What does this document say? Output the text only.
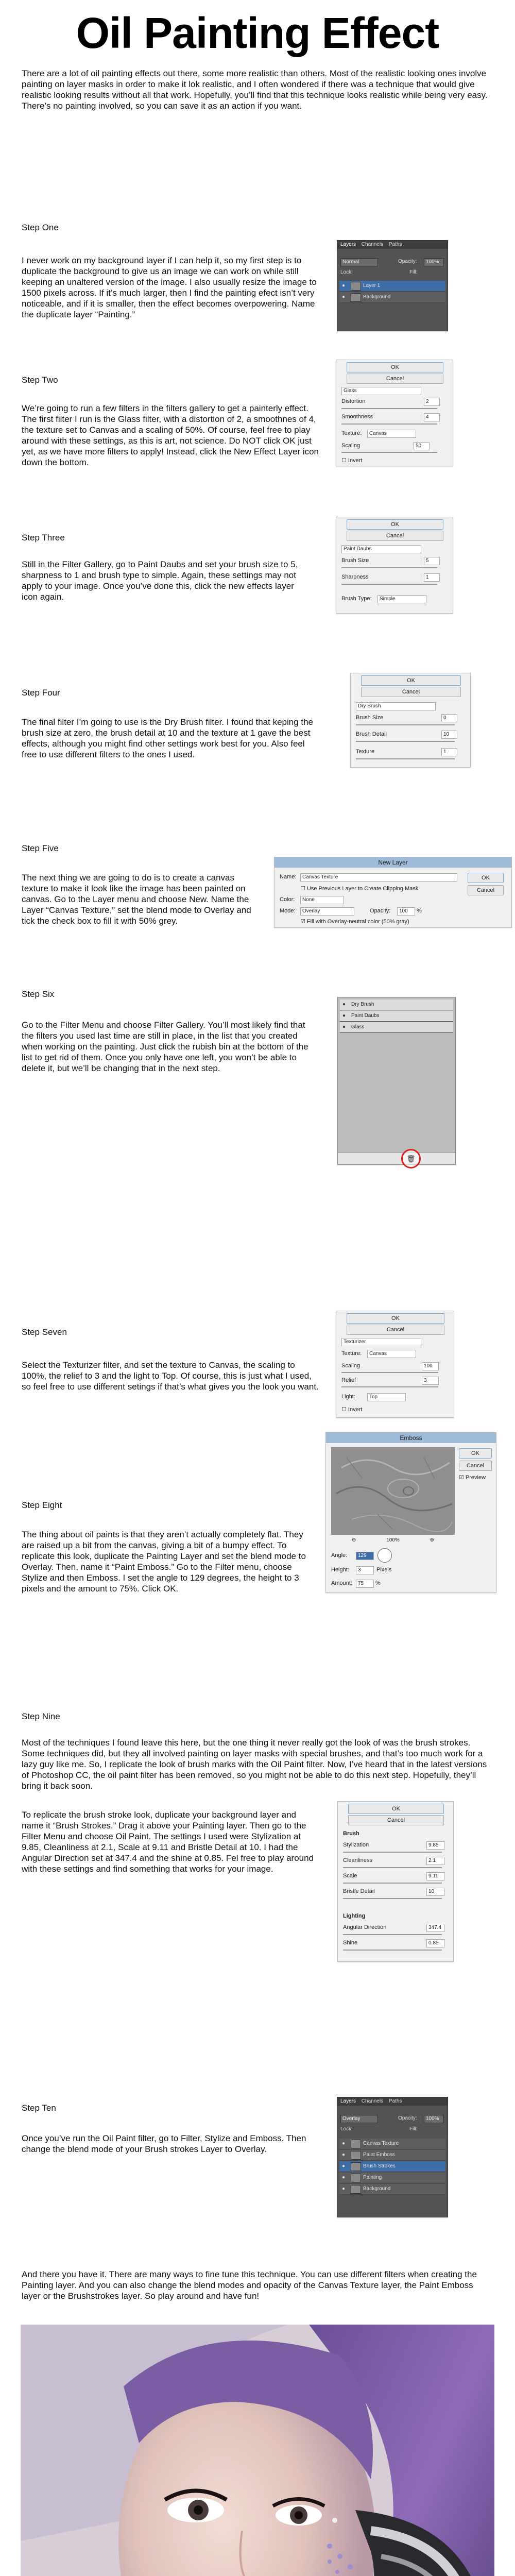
Oil Painting Effect

There are a lot of oil painting effects out there, some more realistic than others. Most of the realistic looking ones involve painting on layer masks in order to make it lok realistic, and I often wondered if there was a technique that would give realistic looking results without all that work. Hopefully, you’ll find that this technique looks realistic while being very easy. There’s no painting involved, so you can save it as an action if you want.

Step One

I never work on my background layer if I can help it, so my first step is to duplicate the background to give us an image we can work on while still keeping an unaltered version of the image. I also usually resize the image to 1500 pixels across. If it’s much larger, then I find the painting efect isn’t very noticeable, and if it is smaller, then the effect becomes overpowering. Name the duplicate layer “Painting.”

Layers Channels Paths
Normal	Opacity:	100%
Lock:	Fill:
●	Layer 1
●	Background
Step Two

We’re going to run a few filters in the filters gallery to get a painterly effect. The first filter I run is the Glass filter, with a distortion of 2, a smoothnes of 4, the texture set to Canvas and a scaling of 50%. Of course, feel free to play around with these settings, as this is art, not science. Do NOT click OK just yet, as we have more filters to apply! Instead, click the New Effect Layer icon down the bottom.

OK
Cancel
Glass
Distortion	2
Smoothness	4
Texture:	Canvas
Scaling	50
☐ Invert
Step Three

Still in the Filter Gallery, go to Paint Daubs and set your brush size to 5, sharpness to 1 and brush type to simple. Again, these settings may not apply to your image. Once you’ve done this, click the new effects layer icon again.

OK
Cancel
Paint Daubs
Brush Size	5
Sharpness	1
Brush Type:	Simple
Step Four

The final filter I’m going to use is the Dry Brush filter. I found that keping the brush size at zero, the brush detail at 10 and the texture at 1 gave the best effects, although you might find other settings work best for you. Also feel free to use different filters to the ones I used.

OK
Cancel
Dry Brush
Brush Size	0
Brush Detail	10
Texture	1
Step Five

The next thing we are going to do is to create a canvas texture to make it look like the image has been painted on canvas. Go to the Layer menu and choose New. Name the Layer “Canvas Texture,” set the blend mode to Overlay and tick the check box to fill it with 50% grey.

New Layer
Name:	Canvas Texture	OK
Cancel
☐ Use Previous Layer to Create Clipping Mask
Color:	None
Mode:	Overlay	Opacity:	100	%
☑ Fill with Overlay-neutral color (50% gray)
Step Six

Go to the Filter Menu and choose Filter Gallery. You’ll most likely find that the filters you used last time are still in place, in the list that you created when working on the painting. Just click the rubish bin at the bottom of the list to get rid of them. Once you only have one left, you won’t be able to delete it, but we’ll be changing that in the next step.

● Dry Brush
● Paint Daubs
● Glass
🗑
Step Seven

Select the Texturizer filter, and set the texture to Canvas, the scaling to 100%, the relief to 3 and the light to Top. Of course, this is just what I used, so feel free to use different setings if that’s what gives you the look you want.

OK
Cancel
Texturizer
Texture:	Canvas
Scaling	100
Relief	3
Light:	Top
☐ Invert
Step Eight

The thing about oil paints is that they aren’t actually completely flat. They are raised up a bit from the canvas, giving a bit of a bumpy effect. To replicate this look, duplicate the Painting Layer and set the blend mode to Overlay. Then, name it “Paint Emboss.” Go to the Filter menu, choose Stylize and then Emboss. I set the angle to 129 degrees, the height to 3 pixels and the amount to 75%. Click OK.

Emboss
OK
Cancel
☑ Preview
⊖	100%	⊕
Angle:	129
Height:	3	Pixels
Amount:	75	%
Step Nine

Most of the techniques I found leave this here, but the one thing it never really got the look of was the brush strokes. Some techniques did, but they all involved painting on layer masks with special brushes, and that’s too much work for a lazy guy like me. So, I replicate the look of brush marks with the Oil Paint filter. Now, I’ve heard that in the latest versions of Photoshop CC, the oil paint filter has been removed, so you might not be able to do this next step. Hopefully, they’ll bring it back soon.

To replicate the brush stroke look, duplicate your background layer and name it “Brush Strokes.” Drag it above your Painting layer. Then go to the Filter Menu and choose Oil Paint. The settings I used were Stylization at 9.85, Cleanliness at 2.1, Scale at 9.11 and Bristle Detail at 10. I had the Angular Direction set at 347.4 and the shine at 0.85. Fel free to play around with these settings and find something that works for your image.

OK
Cancel
Brush
Stylization	9.85
Cleanliness	2.1
Scale	9.11
Bristle Detail	10
Lighting
Angular Direction	347.4
Shine	0.85
Step Ten

Once you’ve run the Oil Paint filter, go to Filter, Stylize and Emboss. Then change the blend mode of your Brush strokes Layer to Overlay.

Layers Channels Paths
Overlay	Opacity:	100%
Lock:	Fill:
●	Canvas Texture
●	Paint Emboss
●	Brush Strokes
●	Painting
●	Background

And there you have it. There are many ways to fine tune this technique. You can use different filters when creating the Painting layer. And you can also change the blend modes and opacity of the Canvas Texture layer, the Paint Emboss layer or the Brushstrokes layer. So play around and have fun!
